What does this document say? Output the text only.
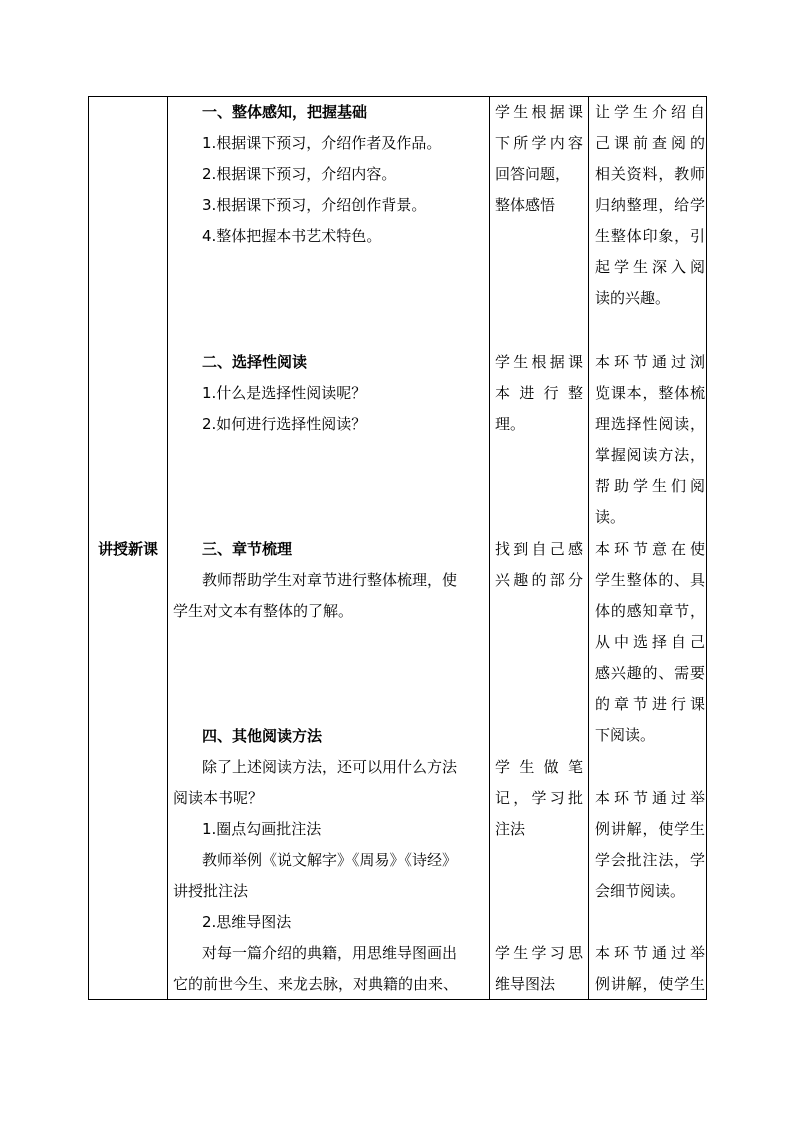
讲授新课
一、整体感知，把握基础
1.根据课下预习，介绍作者及作品。
2.根据课下预习，介绍内容。
3.根据课下预习，介绍创作背景。
4.整体把握本书艺术特色。
二、选择性阅读
1.什么是选择性阅读呢？
2.如何进行选择性阅读？
三、章节梳理
教师帮助学生对章节进行整体梳理，使
学生对文本有整体的了解。
四、其他阅读方法
除了上述阅读方法，还可以用什么方法
阅读本书呢？
1.圈点勾画批注法
教师举例《说文解字》《周易》《诗经》
讲授批注法
2.思维导图法
对每一篇介绍的典籍，用思维导图画出
它的前世今生、来龙去脉，对典籍的由来、
学生根据课
下所学内容
回答问题，
整体感悟
学生根据课
本 进 行 整
理。
找到自己感
兴趣的部分
学 生 做 笔
记，学习批
注法
学生学习思
维导图法
让学生介绍自
己课前查阅的
相关资料，教师
归纳整理，给学
生整体印象，引
起学生深入阅
读的兴趣。
本环节通过浏
览课本，整体梳
理选择性阅读，
掌握阅读方法，
帮助学生们阅
读。
本环节意在使
学生整体的、具
体的感知章节，
从中选择自己
感兴趣的、需要
的章节进行课
下阅读。
本环节通过举
例讲解，使学生
学会批注法，学
会细节阅读。
本环节通过举
例讲解，使学生
